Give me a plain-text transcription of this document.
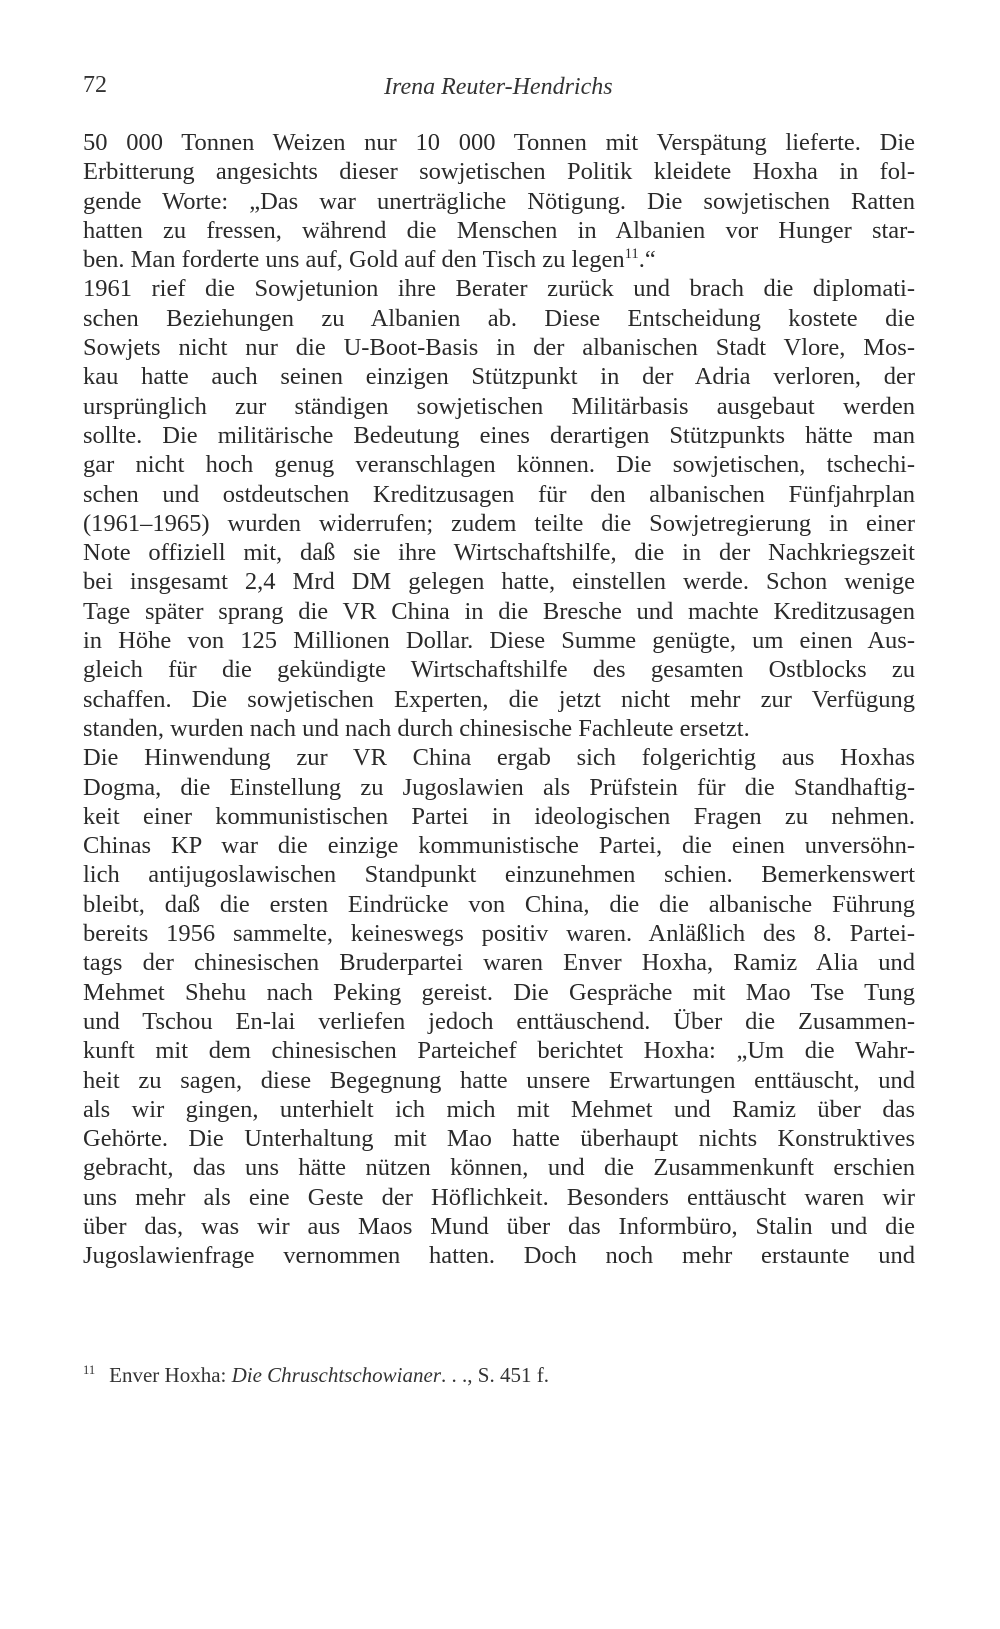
72	Irena Reuter-Hendrichs
50 000 Tonnen Weizen nur 10 000 Tonnen mit Verspätung lieferte. Die
Erbitterung angesichts dieser sowjetischen Politik kleidete Hoxha in fol-
gende Worte: „Das war unerträgliche Nötigung. Die sowjetischen Ratten
hatten zu fressen, während die Menschen in Albanien vor Hunger star-
ben. Man forderte uns auf, Gold auf den Tisch zu legen$^{11}$.“
1961 rief die Sowjetunion ihre Berater zurück und brach die diplomati-
schen Beziehungen zu Albanien ab. Diese Entscheidung kostete die
Sowjets nicht nur die U-Boot-Basis in der albanischen Stadt Vlore, Mos-
kau hatte auch seinen einzigen Stützpunkt in der Adria verloren, der
ursprünglich zur ständigen sowjetischen Militärbasis ausgebaut werden
sollte. Die militärische Bedeutung eines derartigen Stützpunkts hätte man
gar nicht hoch genug veranschlagen können. Die sowjetischen, tschechi-
schen und ostdeutschen Kreditzusagen für den albanischen Fünfjahrplan
(1961–1965) wurden widerrufen; zudem teilte die Sowjetregierung in einer
Note offiziell mit, daß sie ihre Wirtschaftshilfe, die in der Nachkriegszeit
bei insgesamt 2,4 Mrd DM gelegen hatte, einstellen werde. Schon wenige
Tage später sprang die VR China in die Bresche und machte Kreditzusagen
in Höhe von 125 Millionen Dollar. Diese Summe genügte, um einen Aus-
gleich für die gekündigte Wirtschaftshilfe des gesamten Ostblocks zu
schaffen. Die sowjetischen Experten, die jetzt nicht mehr zur Verfügung
standen, wurden nach und nach durch chinesische Fachleute ersetzt.
Die Hinwendung zur VR China ergab sich folgerichtig aus Hoxhas
Dogma, die Einstellung zu Jugoslawien als Prüfstein für die Standhaftig-
keit einer kommunistischen Partei in ideologischen Fragen zu nehmen.
Chinas KP war die einzige kommunistische Partei, die einen unversöhn-
lich antijugoslawischen Standpunkt einzunehmen schien. Bemerkenswert
bleibt, daß die ersten Eindrücke von China, die die albanische Führung
bereits 1956 sammelte, keineswegs positiv waren. Anläßlich des 8. Partei-
tags der chinesischen Bruderpartei waren Enver Hoxha, Ramiz Alia und
Mehmet Shehu nach Peking gereist. Die Gespräche mit Mao Tse Tung
und Tschou En-lai verliefen jedoch enttäuschend. Über die Zusammen-
kunft mit dem chinesischen Parteichef berichtet Hoxha: „Um die Wahr-
heit zu sagen, diese Begegnung hatte unsere Erwartungen enttäuscht, und
als wir gingen, unterhielt ich mich mit Mehmet und Ramiz über das
Gehörte. Die Unterhaltung mit Mao hatte überhaupt nichts Konstruktives
gebracht, das uns hätte nützen können, und die Zusammenkunft erschien
uns mehr als eine Geste der Höflichkeit. Besonders enttäuscht waren wir
über das, was wir aus Maos Mund über das Informbüro, Stalin und die
Jugoslawienfrage vernommen hatten. Doch noch mehr erstaunte und
$^{11}$ Enver Hoxha: Die Chruschtschowianer. . ., S. 451 f.
